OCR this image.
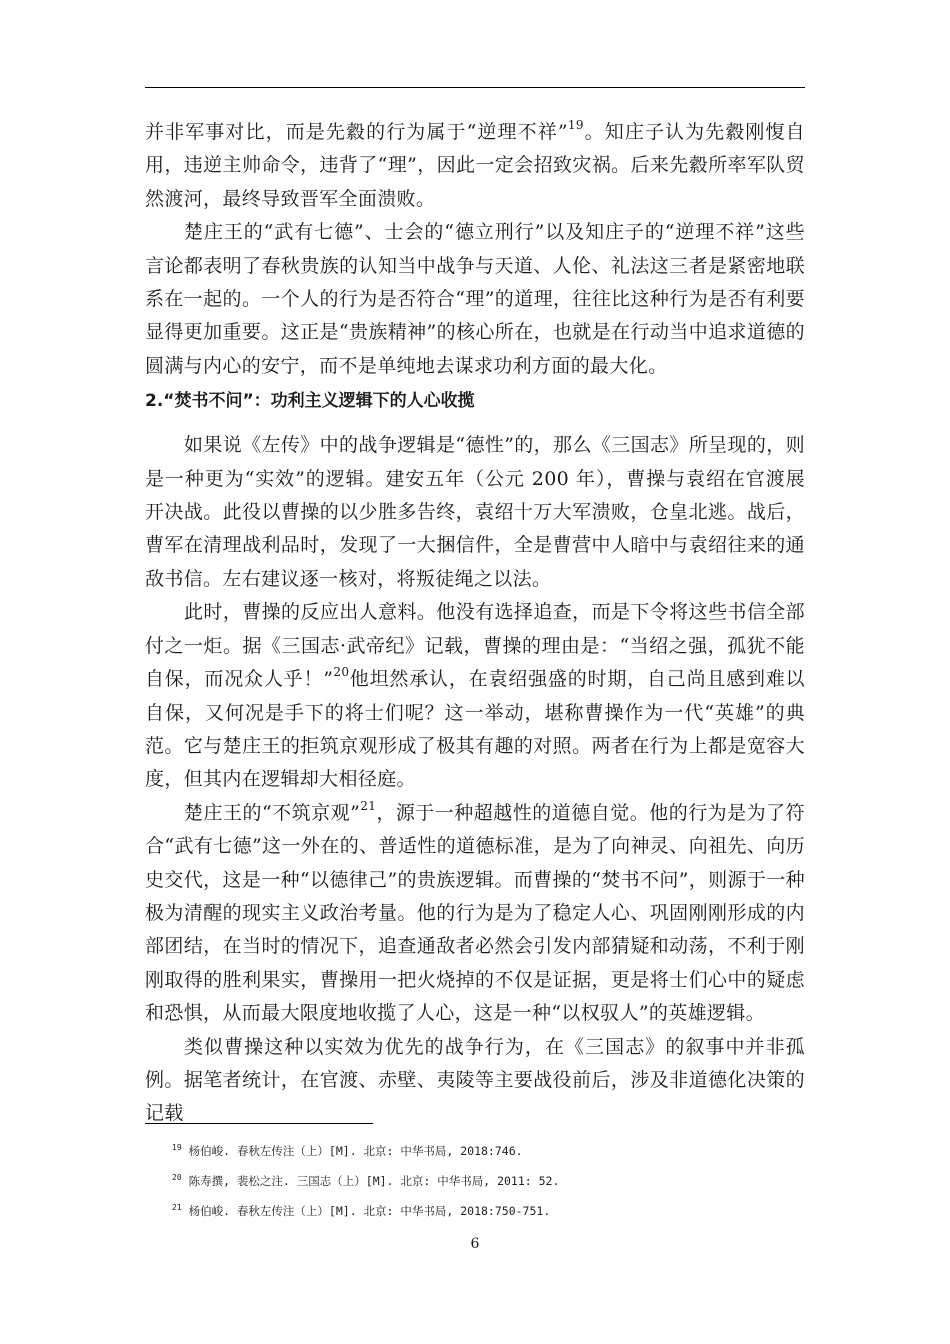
并非军事对比，而是先縠的行为属于“逆理不祥”$^{19}$。知庄子认为先縠刚愎自用，违逆主帅命令，违背了“理”，因此一定会招致灾祸。后来先縠所率军队贸然渡河，最终导致晋军全面溃败。

楚庄王的“武有七德”、士会的“德立刑行”以及知庄子的“逆理不祥”这些言论都表明了春秋贵族的认知当中战争与天道、人伦、礼法这三者是紧密地联系在一起的。一个人的行为是否符合“理”的道理，往往比这种行为是否有利要显得更加重要。这正是“贵族精神”的核心所在，也就是在行动当中追求道德的圆满与内心的安宁，而不是单纯地去谋求功利方面的最大化。

2.“焚书不问”：功利主义逻辑下的人心收揽

如果说《左传》中的战争逻辑是“德性”的，那么《三国志》所呈现的，则是一种更为“实效”的逻辑。建安五年（公元 200 年），曹操与袁绍在官渡展开决战。此役以曹操的以少胜多告终，袁绍十万大军溃败，仓皇北逃。战后，曹军在清理战利品时，发现了一大捆信件，全是曹营中人暗中与袁绍往来的通敌书信。左右建议逐一核对，将叛徒绳之以法。

此时，曹操的反应出人意料。他没有选择追查，而是下令将这些书信全部付之一炬。据《三国志·武帝纪》记载，曹操的理由是：“当绍之强，孤犹不能自保，而况众人乎！”$^{20}$他坦然承认，在袁绍强盛的时期，自己尚且感到难以自保，又何况是手下的将士们呢？这一举动，堪称曹操作为一代“英雄”的典范。它与楚庄王的拒筑京观形成了极其有趣的对照。两者在行为上都是宽容大度，但其内在逻辑却大相径庭。

楚庄王的“不筑京观”$^{21}$，源于一种超越性的道德自觉。他的行为是为了符合“武有七德”这一外在的、普适性的道德标准，是为了向神灵、向祖先、向历史交代，这是一种“以德律己”的贵族逻辑。而曹操的“焚书不问”，则源于一种极为清醒的现实主义政治考量。他的行为是为了稳定人心、巩固刚刚形成的内部团结，在当时的情况下，追查通敌者必然会引发内部猜疑和动荡，不利于刚刚取得的胜利果实，曹操用一把火烧掉的不仅是证据，更是将士们心中的疑虑和恐惧，从而最大限度地收揽了人心，这是一种“以权驭人”的英雄逻辑。

类似曹操这种以实效为优先的战争行为，在《三国志》的叙事中并非孤例。据笔者统计，在官渡、赤壁、夷陵等主要战役前后，涉及非道德化决策的记载

$^{19}$ 杨伯峻. 春秋左传注（上）[M]. 北京: 中华书局, 2018:746.

$^{20}$ 陈寿撰, 裴松之注. 三国志（上）[M]. 北京: 中华书局, 2011: 52.

$^{21}$ 杨伯峻. 春秋左传注（上）[M]. 北京: 中华书局, 2018:750-751.

6
